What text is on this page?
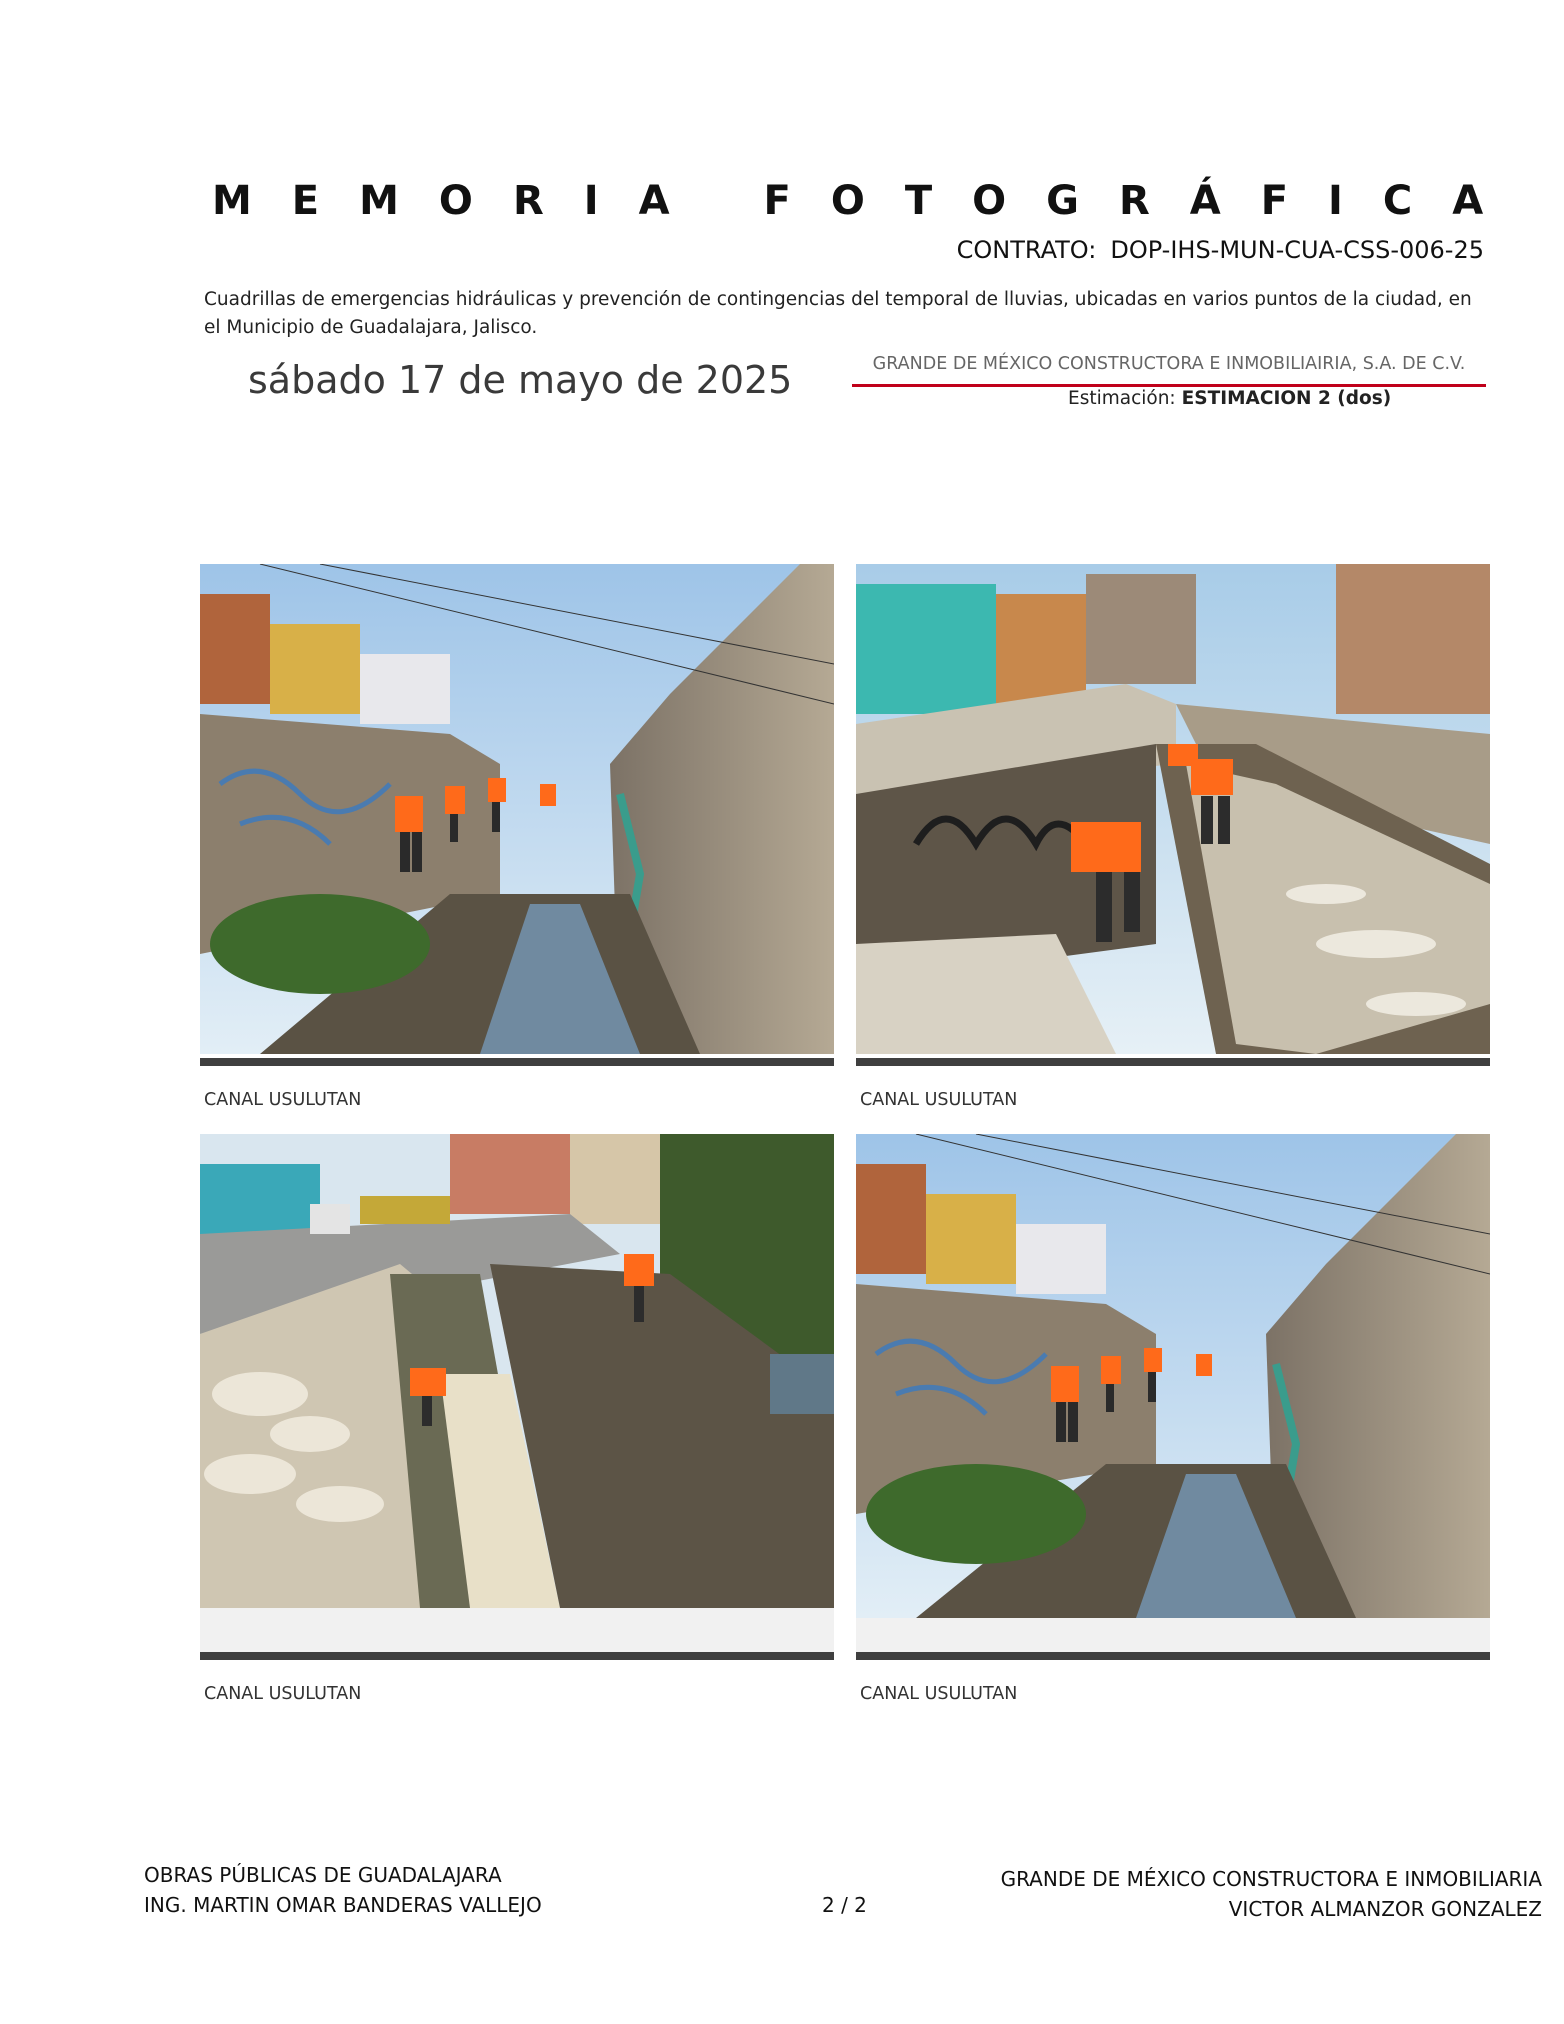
MEMORIA FOTOGRÁFICA
CONTRATO: DOP-IHS-MUN-CUA-CSS-006-25
Cuadrillas de emergencias hidráulicas y prevención de contingencias del temporal de lluvias, ubicadas en varios puntos de la ciudad, en el Municipio de Guadalajara, Jalisco.
sábado 17 de mayo de 2025	GRANDE DE MÉXICO CONSTRUCTORA E INMOBILIAIRIA, S.A. DE C.V.
Estimación: ESTIMACION 2 (dos)
CANAL USULUTAN	CANAL USULUTAN
CANAL USULUTAN	CANAL USULUTAN
OBRAS PÚBLICAS DE GUADALAJARA
ING. MARTIN OMAR BANDERAS VALLEJO	2 / 2
GRANDE DE MÉXICO CONSTRUCTORA E INMOBILIARIA
VICTOR ALMANZOR GONZALEZ
